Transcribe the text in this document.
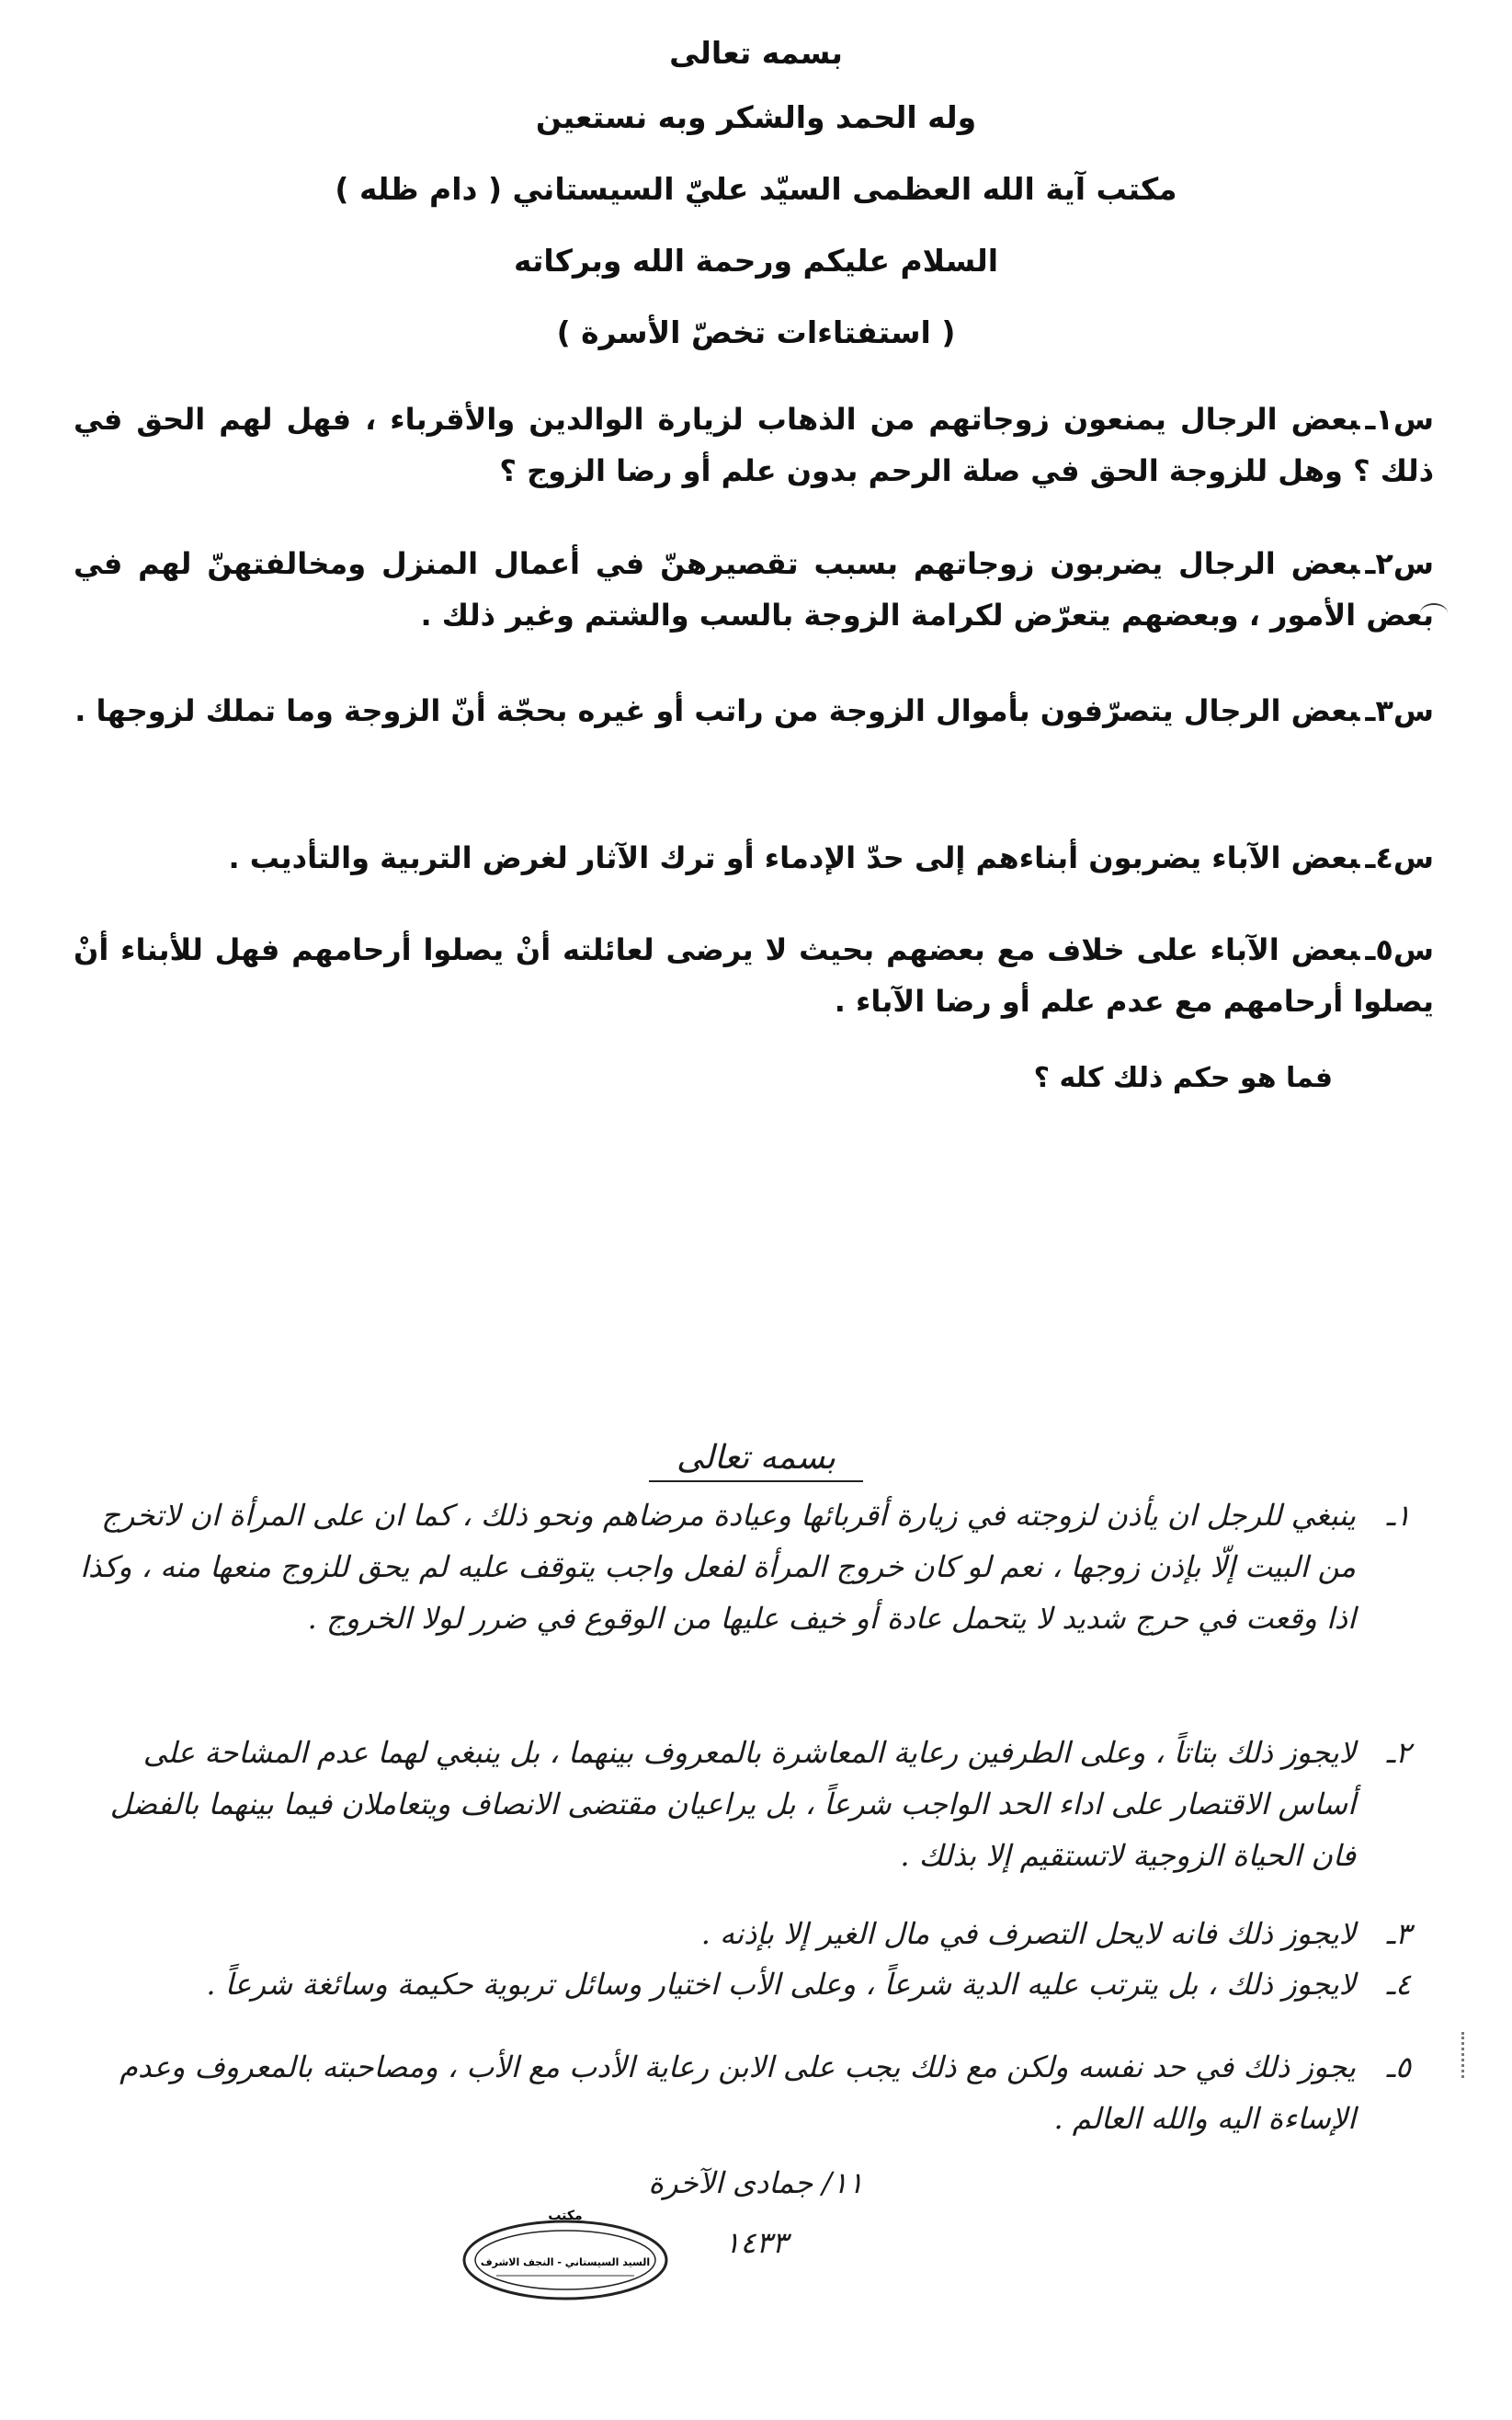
بسمه تعالى
وله الحمد والشكر وبه نستعين
مكتب آية الله العظمى السيّد عليّ السيستاني ( دام ظله )
السلام عليكم ورحمة الله وبركاته
( استفتاءات تخصّ الأسرة )
س١ـبعض الرجال يمنعون زوجاتهم من الذهاب لزيارة الوالدين والأقرباء ، فهل لهم الحق في ذلك ؟ وهل للزوجة الحق في صلة الرحم بدون علم أو رضا الزوج ؟
س٢ـبعض الرجال يضربون زوجاتهم بسبب تقصيرهنّ في أعمال المنزل ومخالفتهنّ لهم في بعض الأمور ، وبعضهم يتعرّض لكرامة الزوجة بالسب والشتم وغير ذلك .
س٣ـبعض الرجال يتصرّفون بأموال الزوجة من راتب أو غيره بحجّة أنّ الزوجة وما تملك لزوجها .
س٤ـبعض الآباء يضربون أبناءهم إلى حدّ الإدماء أو ترك الآثار لغرض التربية والتأديب .
س٥ـبعض الآباء على خلاف مع بعضهم بحيث لا يرضى لعائلته أنْ يصلوا أرحامهم فهل للأبناء أنْ يصلوا أرحامهم مع عدم علم أو رضا الآباء .
فما هو حكم ذلك كله ؟
بسمه تعالى
١ـ
ينبغي للرجل ان يأذن لزوجته في زيارة أقربائها وعيادة مرضاهم ونحو ذلك ، كما ان على المرأة ان لاتخرج من البيت إلّا بإذن زوجها ، نعم لو كان خروج المرأة لفعل واجب يتوقف عليه لم يحق للزوج منعها منه ، وكذا اذا وقعت في حرج شديد لا يتحمل عادة أو خيف عليها من الوقوع في ضرر لولا الخروج .
٢ـ
لايجوز ذلك بتاتاً ، وعلى الطرفين رعاية المعاشرة بالمعروف بينهما ، بل ينبغي لهما عدم المشاحة على أساس الاقتصار على اداء الحد الواجب شرعاً ، بل يراعيان مقتضى الانصاف ويتعاملان فيما بينهما بالفضل فان الحياة الزوجية لاتستقيم إلا بذلك .
٣ـ
لايجوز ذلك فانه لايحل التصرف في مال الغير إلا بإذنه .
٤ـ
لايجوز ذلك ، بل يترتب عليه الدية شرعاً ، وعلى الأب اختيار وسائل تربوية حكيمة وسائغة شرعاً .
٥ـ
يجوز ذلك في حد نفسه ولكن مع ذلك يجب على الابن رعاية الأدب مع الأب ، ومصاحبته بالمعروف وعدم الإساءة اليه والله العالم .
١١/ جمادى الآخرة
١٤٣٣
مكتب
السيد السيستاني - النجف الاشرف
